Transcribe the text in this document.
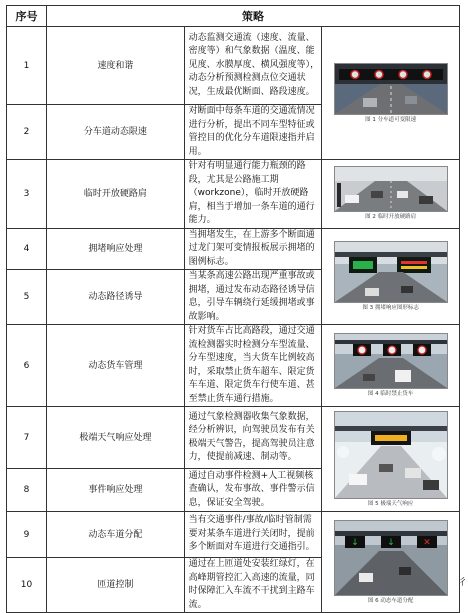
序号	策略		
1	速度和谐	动态监测交通流（速度、流量、密度等）和气象数据（温度、能见度、水膜厚度、横风强度等），动态分析预测检测点位交通状况，生成最优断面、路段速度。	图 1 分车道可变限速

2	分车道动态限速	对断面中每条车道的交通流情况进行分析，提出不同车型特征或管控目的优化分车道限速指并启用。	
3	临时开放硬路肩	针对有明显通行能力瓶颈的路段，尤其是公路施工期（workzone），临时开放硬路肩，相当于增加一条车道的通行能力。	图 2 临时开放硬路肩

4	拥堵响应处理	当拥堵发生，在上游多个断面通过龙门架可变情报板展示拥堵的图例标志。	图 3 拥堵响应图形标志

5	动态路径诱导	当某条高速公路出现严重事故或拥堵，通过发布动态路径诱导信息，引导车辆绕行延缓拥堵或事故影响。	
6	动态货车管理	针对货车占比高路段，通过交通流检测器实时检测分车型流量、分车型速度，当大货车比例较高时，采取禁止货车超车、限定货车车道、限定货车行使车道、甚至禁止货车通行措施。	图 4 临时禁止货车

7	极端天气响应处理	通过气象检测器收集气象数据，经分析辨识，向驾驶员发布有关极端天气警告，提高驾驶员注意力，使提前减速、制动等。	图 5 极端天气响应

8	事件响应处理	通过自动事件检测+人工视频核查确认，发布事故、事件警示信息，保证安全驾驶。	
9	动态车道分配	当有交通事件/事故/临时管制需要对某条车道进行关闭时，提前多个断面对车道进行交通指引。	↓ ↓ ✕
图 6 动态车道分配

10	匝道控制	通过在上匝道处安装红绿灯，在高峰期管控汇入高速的流量，同时保障汇入车流不干扰到主路车流。	
彳
